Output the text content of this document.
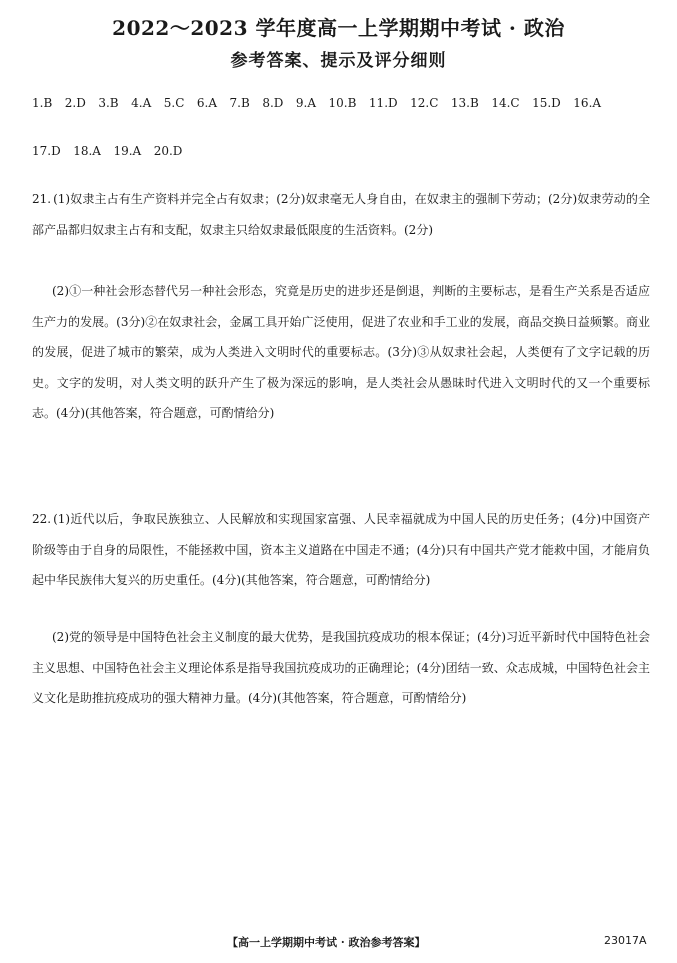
2022～2023 学年度高一上学期期中考试 · 政治
参考答案、提示及评分细则
1.B 2.D 3.B 4.A 5.C 6.A 7.B 8.D 9.A 10.B 11.D 12.C 13.B 14.C 15.D 16.A
17.D 18.A 19.A 20.D

21. (1)奴隶主占有生产资料并完全占有奴隶；(2分)奴隶毫无人身自由，在奴隶主的强制下劳动；(2分)奴隶劳动的全部产品都归奴隶主占有和支配，奴隶主只给奴隶最低限度的生活资料。(2分)

(2)①一种社会形态替代另一种社会形态，究竟是历史的进步还是倒退，判断的主要标志，是看生产关系是否适应生产力的发展。(3分)②在奴隶社会，金属工具开始广泛使用，促进了农业和手工业的发展，商品交换日益频繁。商业的发展，促进了城市的繁荣，成为人类进入文明时代的重要标志。(3分)③从奴隶社会起，人类便有了文字记载的历史。文字的发明，对人类文明的跃升产生了极为深远的影响，是人类社会从愚昧时代进入文明时代的又一个重要标志。(4分)(其他答案，符合题意，可酌情给分)

22. (1)近代以后，争取民族独立、人民解放和实现国家富强、人民幸福就成为中国人民的历史任务；(4分)中国资产阶级等由于自身的局限性，不能拯救中国，资本主义道路在中国走不通；(4分)只有中国共产党才能救中国，才能肩负起中华民族伟大复兴的历史重任。(4分)(其他答案，符合题意，可酌情给分)

(2)党的领导是中国特色社会主义制度的最大优势，是我国抗疫成功的根本保证；(4分)习近平新时代中国特色社会主义思想、中国特色社会主义理论体系是指导我国抗疫成功的正确理论；(4分)团结一致、众志成城，中国特色社会主义文化是助推抗疫成功的强大精神力量。(4分)(其他答案，符合题意，可酌情给分)

【高一上学期期中考试 · 政治参考答案】	23017A
